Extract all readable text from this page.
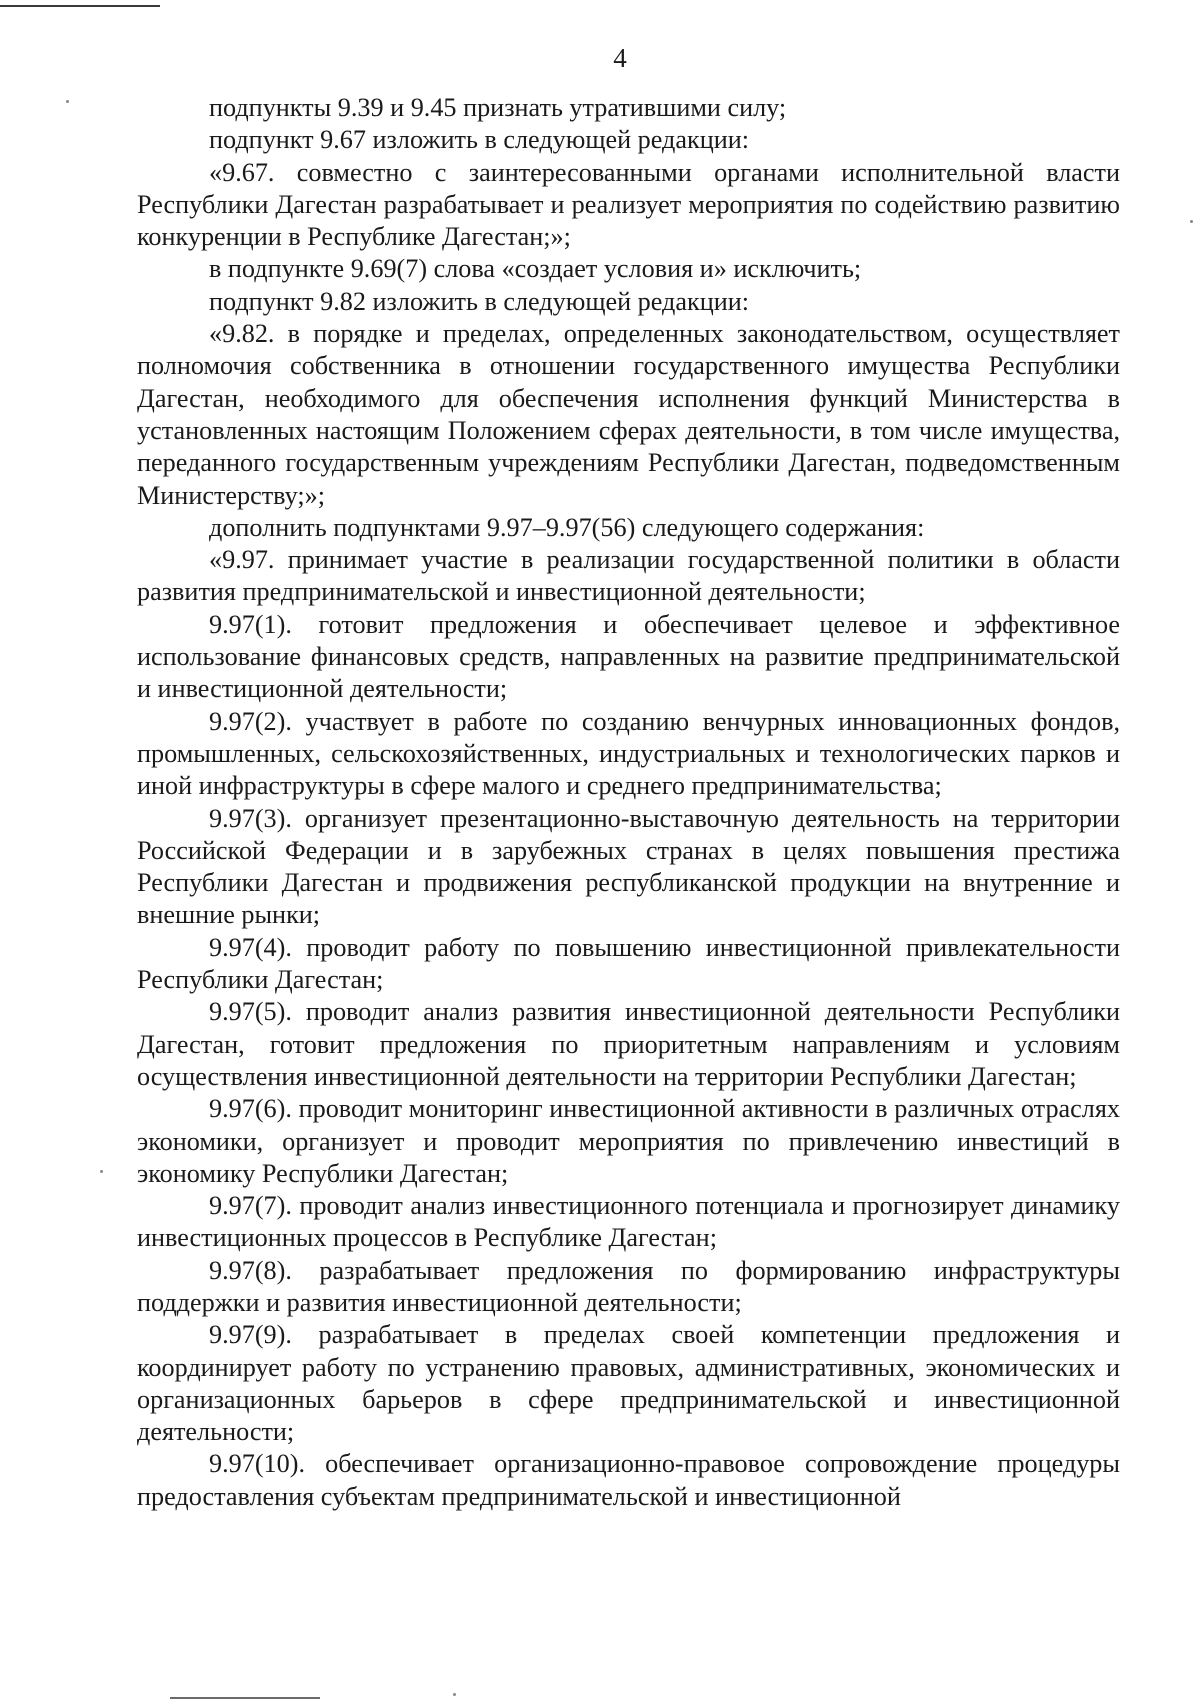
4

подпункты 9.39 и 9.45 признать утратившими силу;

подпункт 9.67 изложить в следующей редакции:

«9.67. совместно с заинтересованными органами исполнительной власти Республики Дагестан разрабатывает и реализует мероприятия по содействию развитию конкуренции в Республике Дагестан;»;

в подпункте 9.69(7) слова «создает условия и» исключить;

подпункт 9.82 изложить в следующей редакции:

«9.82. в порядке и пределах, определенных законодательством, осуществляет полномочия собственника в отношении государственного имущества Республики Дагестан, необходимого для обеспечения исполнения функций Министерства в установленных настоящим Положением сферах деятельности, в том числе имущества, переданного государственным учреждениям Республики Дагестан, подведомственным Министерству;»;

дополнить подпунктами 9.97–9.97(56) следующего содержания:

«9.97. принимает участие в реализации государственной политики в области развития предпринимательской и инвестиционной деятельности;

9.97(1). готовит предложения и обеспечивает целевое и эффективное использование финансовых средств, направленных на развитие предпринимательской и инвестиционной деятельности;

9.97(2). участвует в работе по созданию венчурных инновационных фондов, промышленных, сельскохозяйственных, индустриальных и технологических парков и иной инфраструктуры в сфере малого и среднего предпринимательства;

9.97(3). организует презентационно-выставочную деятельность на территории Российской Федерации и в зарубежных странах в целях повышения престижа Республики Дагестан и продвижения республиканской продукции на внутренние и внешние рынки;

9.97(4). проводит работу по повышению инвестиционной привлекательности Республики Дагестан;

9.97(5). проводит анализ развития инвестиционной деятельности Республики Дагестан, готовит предложения по приоритетным направлениям и условиям осуществления инвестиционной деятельности на территории Республики Дагестан;

9.97(6). проводит мониторинг инвестиционной активности в различных отраслях экономики, организует и проводит мероприятия по привлечению инвестиций в экономику Республики Дагестан;

9.97(7). проводит анализ инвестиционного потенциала и прогнозирует динамику инвестиционных процессов в Республике Дагестан;

9.97(8). разрабатывает предложения по формированию инфраструктуры поддержки и развития инвестиционной деятельности;

9.97(9). разрабатывает в пределах своей компетенции предложения и координирует работу по устранению правовых, административных, экономических и организационных барьеров в сфере предпринимательской и инвестиционной деятельности;

9.97(10). обеспечивает организационно-правовое сопровождение процедуры предоставления субъектам предпринимательской и инвестиционной
